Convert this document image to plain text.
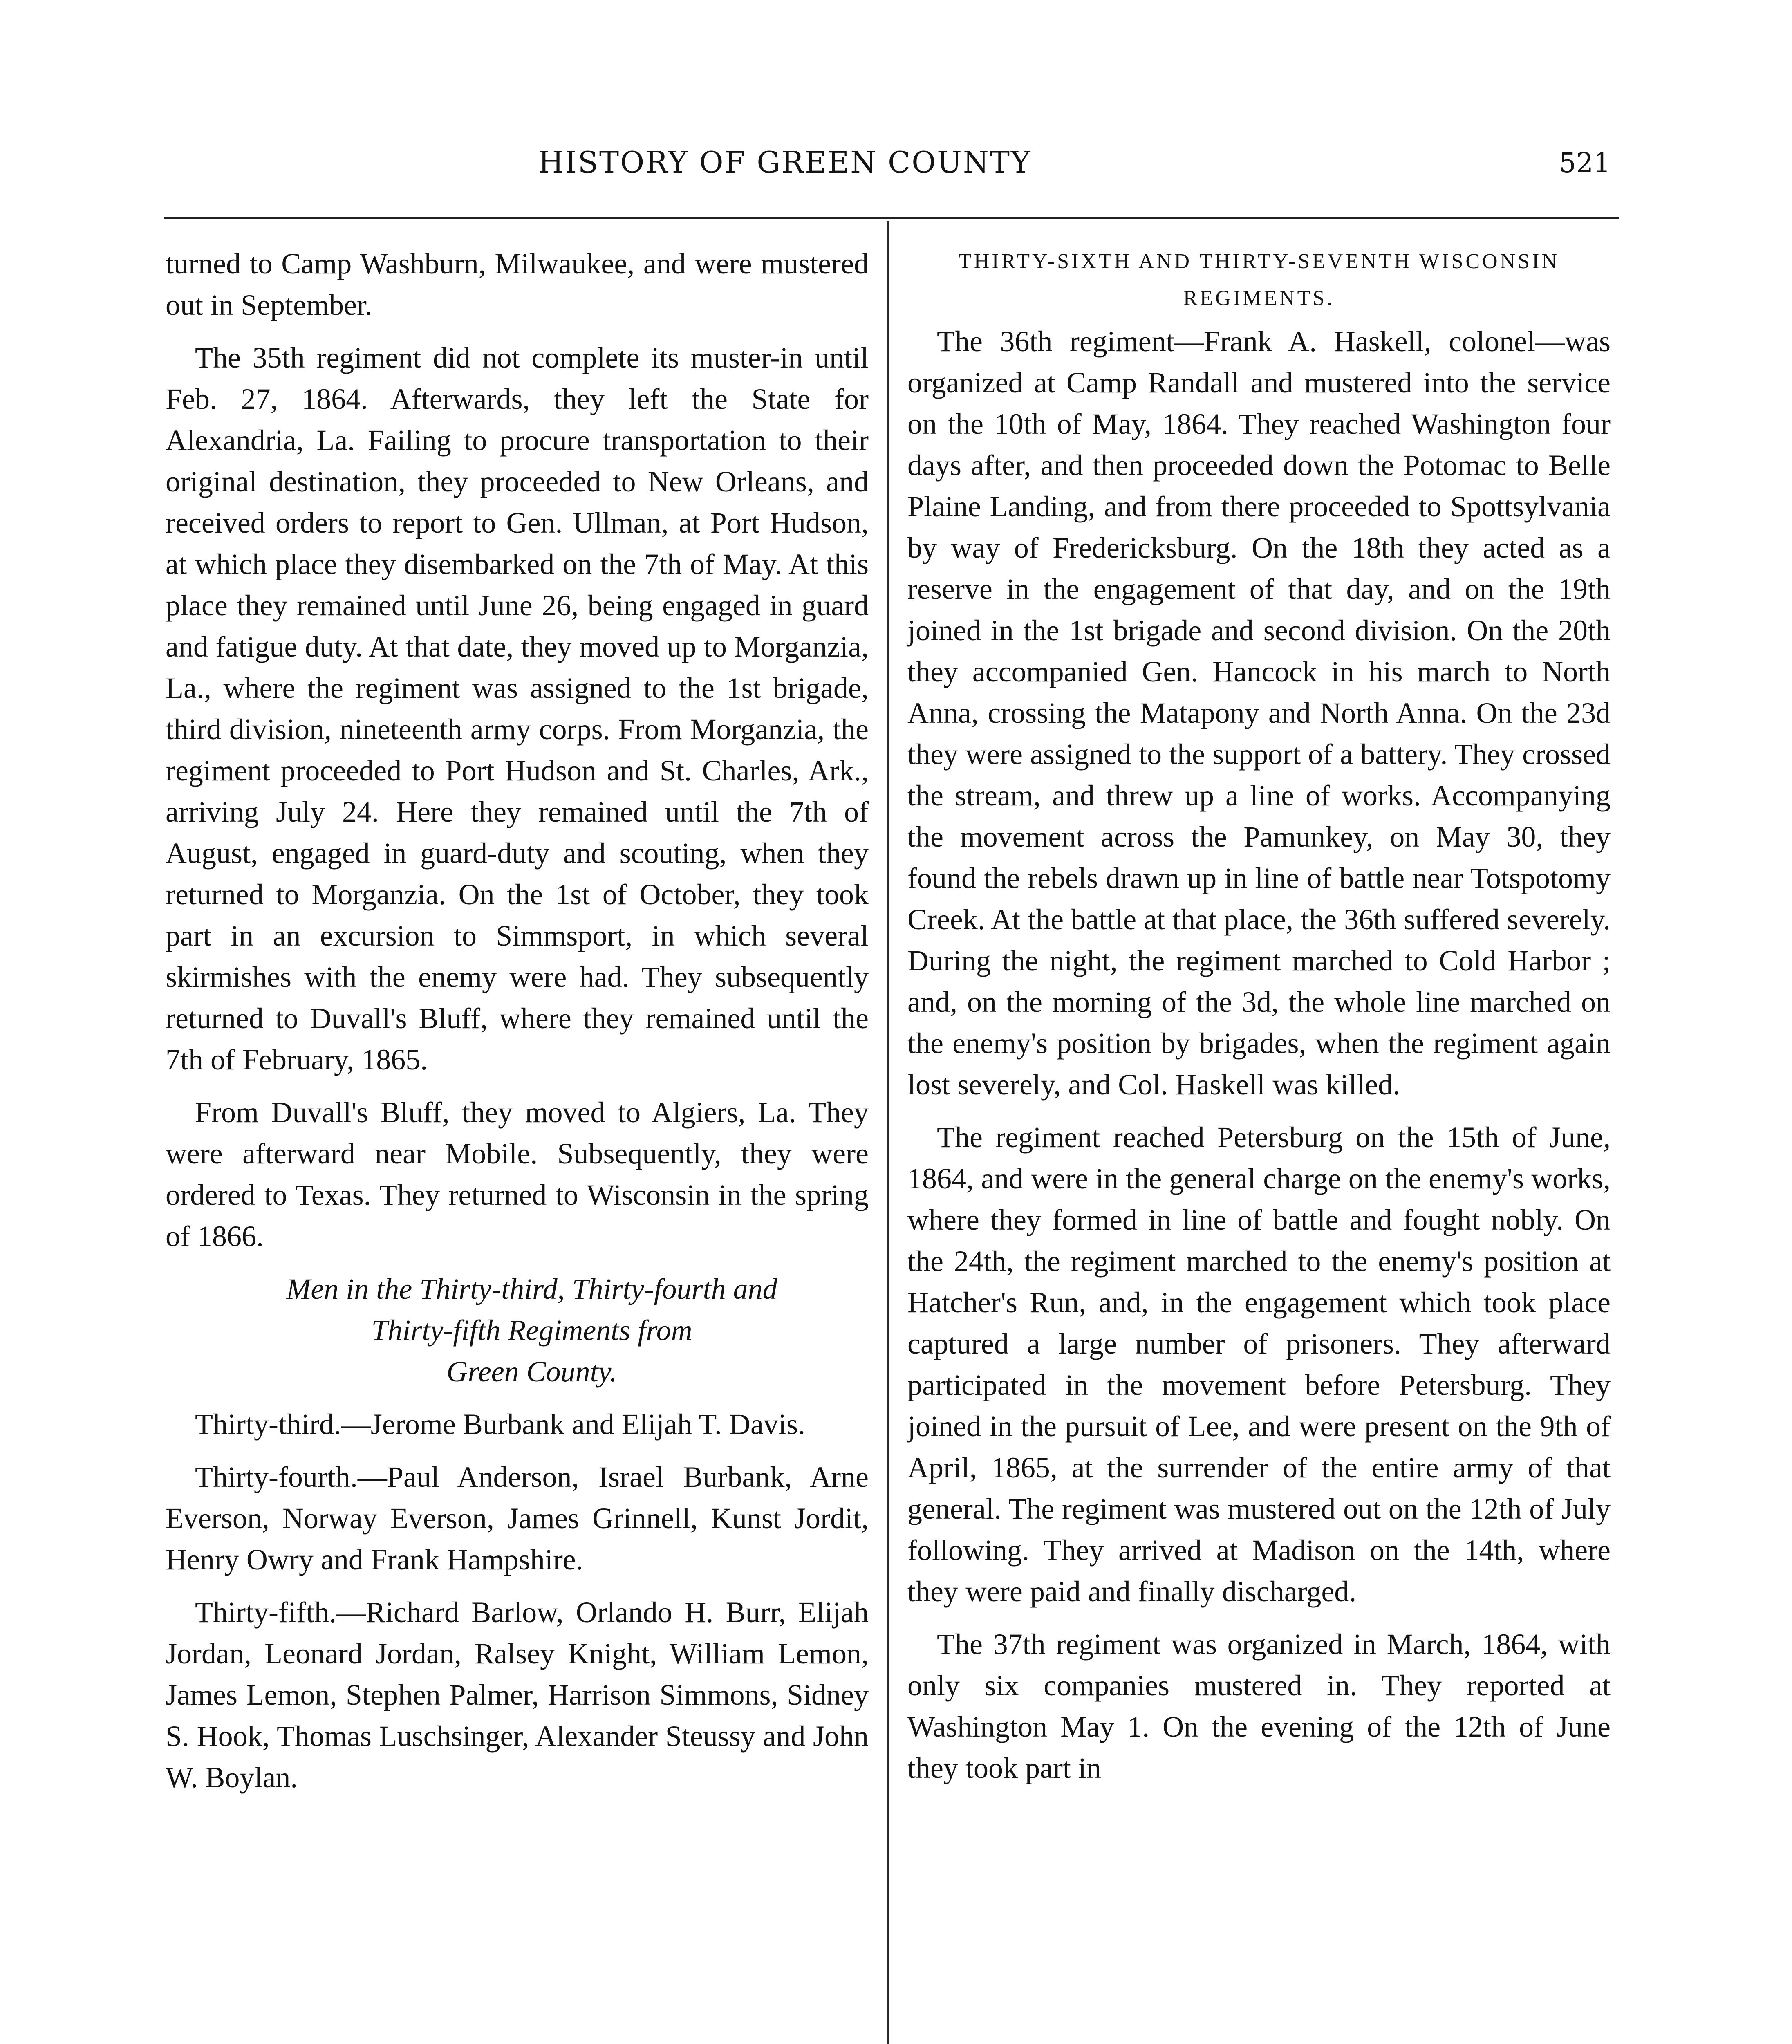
HISTORY OF GREEN COUNTY	521

turned to Camp Washburn, Milwaukee, and were mustered out in September.

The 35th regiment did not complete its muster-in until Feb. 27, 1864. Afterwards, they left the State for Alexandria, La. Failing to procure transportation to their original destination, they proceeded to New Orleans, and received orders to report to Gen. Ullman, at Port Hudson, at which place they disembarked on the 7th of May. At this place they remained until June 26, being engaged in guard and fatigue duty. At that date, they moved up to Morganzia, La., where the regiment was assigned to the 1st brigade, third division, nineteenth army corps. From Morganzia, the regiment proceeded to Port Hudson and St. Charles, Ark., arriving July 24. Here they remained until the 7th of August, engaged in guard-duty and scouting, when they returned to Morganzia. On the 1st of October, they took part in an excursion to Simmsport, in which several skirmishes with the enemy were had. They subsequently returned to Duvall's Bluff, where they remained until the 7th of February, 1865.

From Duvall's Bluff, they moved to Algiers, La. They were afterward near Mobile. Subsequently, they were ordered to Texas. They returned to Wisconsin in the spring of 1866.

Men in the Thirty-third, Thirty-fourth and
Thirty-fifth Regiments from
Green County.

Thirty-third.—Jerome Burbank and Elijah T. Davis.

Thirty-fourth.—Paul Anderson, Israel Burbank, Arne Everson, Norway Everson, James Grinnell, Kunst Jordit, Henry Owry and Frank Hampshire.

Thirty-fifth.—Richard Barlow, Orlando H. Burr, Elijah Jordan, Leonard Jordan, Ralsey Knight, William Lemon, James Lemon, Stephen Palmer, Harrison Simmons, Sidney S. Hook, Thomas Luschsinger, Alexander Steussy and John W. Boylan.

THIRTY-SIXTH AND THIRTY-SEVENTH WISCONSIN
REGIMENTS.

The 36th regiment—Frank A. Haskell, colonel—was organized at Camp Randall and mustered into the service on the 10th of May, 1864. They reached Washington four days after, and then proceeded down the Potomac to Belle Plaine Landing, and from there proceeded to Spottsylvania by way of Fredericksburg. On the 18th they acted as a reserve in the engagement of that day, and on the 19th joined in the 1st brigade and second division. On the 20th they accompanied Gen. Hancock in his march to North Anna, crossing the Matapony and North Anna. On the 23d they were assigned to the support of a battery. They crossed the stream, and threw up a line of works. Accompanying the movement across the Pamunkey, on May 30, they found the rebels drawn up in line of battle near Totspotomy Creek. At the battle at that place, the 36th suffered severely. During the night, the regiment marched to Cold Harbor ; and, on the morning of the 3d, the whole line marched on the enemy's position by brigades, when the regiment again lost severely, and Col. Haskell was killed.

The regiment reached Petersburg on the 15th of June, 1864, and were in the general charge on the enemy's works, where they formed in line of battle and fought nobly. On the 24th, the regiment marched to the enemy's position at Hatcher's Run, and, in the engagement which took place captured a large number of prisoners. They afterward participated in the movement before Petersburg. They joined in the pursuit of Lee, and were present on the 9th of April, 1865, at the surrender of the entire army of that general. The regiment was mustered out on the 12th of July following. They arrived at Madison on the 14th, where they were paid and finally discharged.

The 37th regiment was organized in March, 1864, with only six companies mustered in. They reported at Washington May 1. On the evening of the 12th of June they took part in
